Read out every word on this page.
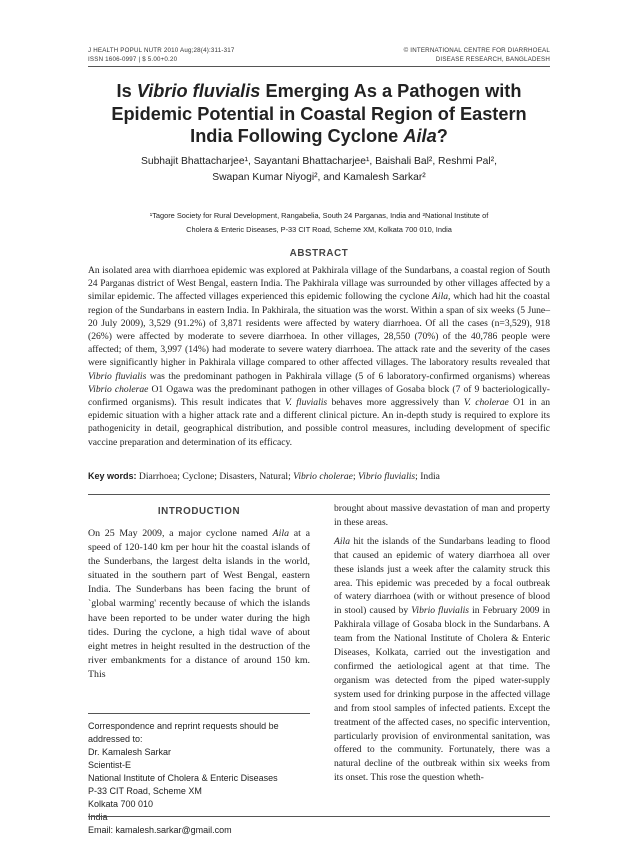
J HEALTH POPUL NUTR 2010 Aug;28(4):311-317
ISSN 1606-0997 | $ 5.00+0.20
© INTERNATIONAL CENTRE FOR DIARRHOEAL
DISEASE RESEARCH, BANGLADESH
Is Vibrio fluvialis Emerging As a Pathogen with Epidemic Potential in Coastal Region of Eastern India Following Cyclone Aila?
Subhajit Bhattacharjee¹, Sayantani Bhattacharjee¹, Baishali Bal², Reshmi Pal²,
Swapan Kumar Niyogi², and Kamalesh Sarkar²
¹Tagore Society for Rural Development, Rangabelia, South 24 Parganas, India and ²National Institute of
Cholera & Enteric Diseases, P-33 CIT Road, Scheme XM, Kolkata 700 010, India
ABSTRACT

An isolated area with diarrhoea epidemic was explored at Pakhirala village of the Sundarbans, a coastal region of South 24 Parganas district of West Bengal, eastern India. The Pakhirala village was surrounded by other villages affected by a similar epidemic. The affected villages experienced this epidemic following the cyclone Aila, which had hit the coastal region of the Sundarbans in eastern India. In Pakhirala, the situation was the worst. Within a span of six weeks (5 June–20 July 2009), 3,529 (91.2%) of 3,871 residents were affected by watery diarrhoea. Of all the cases (n=3,529), 918 (26%) were affected by moderate to severe diarrhoea. In other villages, 28,550 (70%) of the 40,786 people were affected; of them, 3,997 (14%) had moderate to severe watery diarrhoea. The attack rate and the severity of the cases were significantly higher in Pakhirala village compared to other affected villages. The laboratory results revealed that Vibrio fluvialis was the predominant pathogen in Pakhirala village (5 of 6 laboratory-confirmed organisms) whereas Vibrio cholerae O1 Ogawa was the predominant pathogen in other villages of Gosaba block (7 of 9 bacteriologically-confirmed organisms). This result indicates that V. fluvialis behaves more aggressively than V. cholerae O1 in an epidemic situation with a higher attack rate and a different clinical picture. An in-depth study is required to explore its pathogenicity in detail, geographical distribution, and possible control measures, including development of specific vaccine preparation and determination of its efficacy.

Key words: Diarrhoea; Cyclone; Disasters, Natural; Vibrio cholerae; Vibrio fluvialis; India

INTRODUCTION

On 25 May 2009, a major cyclone named Aila at a speed of 120-140 km per hour hit the coastal islands of the Sunderbans, the largest delta islands in the world, situated in the southern part of West Bengal, eastern India. The Sunderbans has been facing the brunt of `global warming' recently because of which the islands have been reported to be under water during the high tides. During the cyclone, a high tidal wave of about eight metres in height resulted in the destruction of the river embankments for a distance of around 150 km. This

brought about massive devastation of man and property in these areas.

Aila hit the islands of the Sundarbans leading to flood that caused an epidemic of watery diarrhoea all over these islands just a week after the calamity struck this area. This epidemic was preceded by a focal outbreak of watery diarrhoea (with or without presence of blood in stool) caused by Vibrio fluvialis in February 2009 in Pakhirala village of Gosaba block in the Sundarbans. A team from the National Institute of Cholera & Enteric Diseases, Kolkata, carried out the investigation and confirmed the aetiological agent at that time. The organism was detected from the piped water-supply system used for drinking purpose in the affected village and from stool samples of infected patients. Except the treatment of the affected cases, no specific intervention, particularly provision of environmental sanitation, was offered to the community. Fortunately, there was a natural decline of the outbreak within six weeks from its onset. This rose the question wheth-

Correspondence and reprint requests should be
addressed to:
Dr. Kamalesh Sarkar
Scientist-E
National Institute of Cholera & Enteric Diseases
P-33 CIT Road, Scheme XM
Kolkata 700 010
India
Email: kamalesh.sarkar@gmail.com
